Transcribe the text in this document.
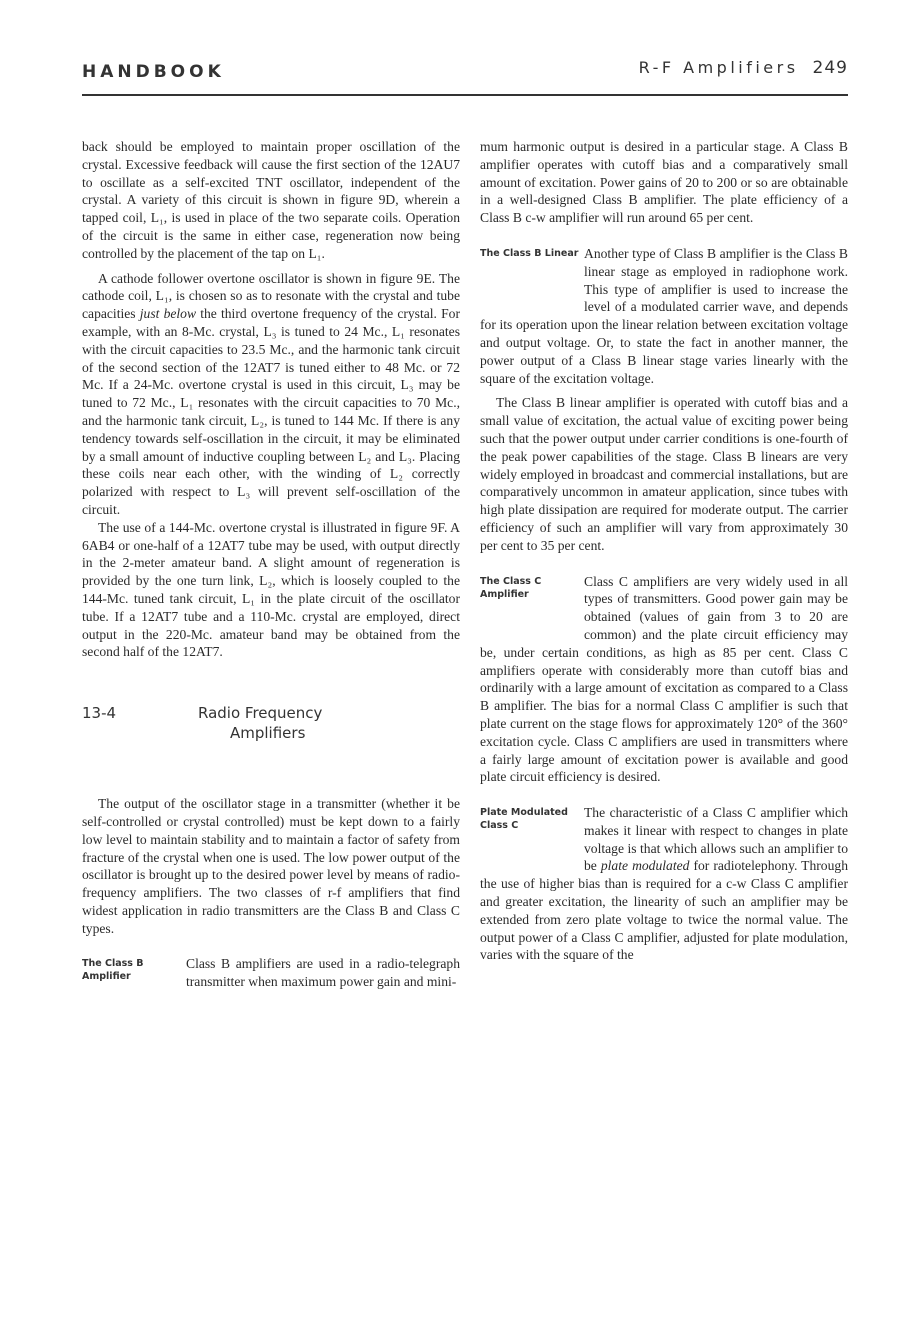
HANDBOOK	R-F Amplifiers 249

back should be employed to maintain proper oscillation of the crystal. Excessive feedback will cause the first section of the 12AU7 to oscillate as a self-excited TNT oscillator, independent of the crystal. A variety of this circuit is shown in figure 9D, wherein a tapped coil, L₁, is used in place of the two separate coils. Operation of the circuit is the same in either case, regeneration now being controlled by the placement of the tap on L₁.

A cathode follower overtone oscillator is shown in figure 9E. The cathode coil, L₁, is chosen so as to resonate with the crystal and tube capacities just below the third overtone frequency of the crystal. For example, with an 8-Mc. crystal, L₃ is tuned to 24 Mc., L₁ resonates with the circuit capacities to 23.5 Mc., and the harmonic tank circuit of the second section of the 12AT7 is tuned either to 48 Mc. or 72 Mc. If a 24-Mc. overtone crystal is used in this circuit, L₃ may be tuned to 72 Mc., L₁ resonates with the circuit capacities to 70 Mc., and the harmonic tank circuit, L₂, is tuned to 144 Mc. If there is any tendency towards self-oscillation in the circuit, it may be eliminated by a small amount of inductive coupling between L₂ and L₃. Placing these coils near each other, with the winding of L₂ correctly polarized with respect to L₃ will prevent self-oscillation of the circuit.

The use of a 144-Mc. overtone crystal is illustrated in figure 9F. A 6AB4 or one-half of a 12AT7 tube may be used, with output directly in the 2-meter amateur band. A slight amount of regeneration is provided by the one turn link, L₂, which is loosely coupled to the 144-Mc. tuned tank circuit, L₁ in the plate circuit of the oscillator tube. If a 12AT7 tube and a 110-Mc. crystal are employed, direct output in the 220-Mc. amateur band may be obtained from the second half of the 12AT7.

13-4	Radio Frequency
Amplifiers

The output of the oscillator stage in a transmitter (whether it be self-controlled or crystal controlled) must be kept down to a fairly low level to maintain stability and to maintain a factor of safety from fracture of the crystal when one is used. The low power output of the oscillator is brought up to the desired power level by means of radio-frequency amplifiers. The two classes of r-f amplifiers that find widest application in radio transmitters are the Class B and Class C types.

The Class B Amplifier
Class B amplifiers are used in a radio-telegraph transmitter when maximum power gain and mini-

mum harmonic output is desired in a particular stage. A Class B amplifier operates with cutoff bias and a comparatively small amount of excitation. Power gains of 20 to 200 or so are obtainable in a well-designed Class B amplifier. The plate efficiency of a Class B c-w amplifier will run around 65 per cent.

The Class B Linear Another type of Class B amplifier is the Class B linear stage as employed in radiophone work. This type of amplifier is used to increase the level of a modulated carrier wave, and depends for its operation upon the linear relation between excitation voltage and output voltage. Or, to state the fact in another manner, the power output of a Class B linear stage varies linearly with the square of the excitation voltage.

The Class B linear amplifier is operated with cutoff bias and a small value of excitation, the actual value of exciting power being such that the power output under carrier conditions is one-fourth of the peak power capabilities of the stage. Class B linears are very widely employed in broadcast and commercial installations, but are comparatively uncommon in amateur application, since tubes with high plate dissipation are required for moderate output. The carrier efficiency of such an amplifier will vary from approximately 30 per cent to 35 per cent.

The Class C Amplifier
Class C amplifiers are very widely used in all types of transmitters. Good power gain may be obtained (values of gain from 3 to 20 are common) and the plate circuit efficiency may be, under certain conditions, as high as 85 per cent. Class C amplifiers operate with considerably more than cutoff bias and ordinarily with a large amount of excitation as compared to a Class B amplifier. The bias for a normal Class C amplifier is such that plate current on the stage flows for approximately 120° of the 360° excitation cycle. Class C amplifiers are used in transmitters where a fairly large amount of excitation power is available and good plate circuit efficiency is desired.

Plate Modulated Class C
The characteristic of a Class C amplifier which makes it linear with respect to changes in plate voltage is that which allows such an amplifier to be plate modulated for radiotelephony. Through the use of higher bias than is required for a c-w Class C amplifier and greater excitation, the linearity of such an amplifier may be extended from zero plate voltage to twice the normal value. The output power of a Class C amplifier, adjusted for plate modulation, varies with the square of the
